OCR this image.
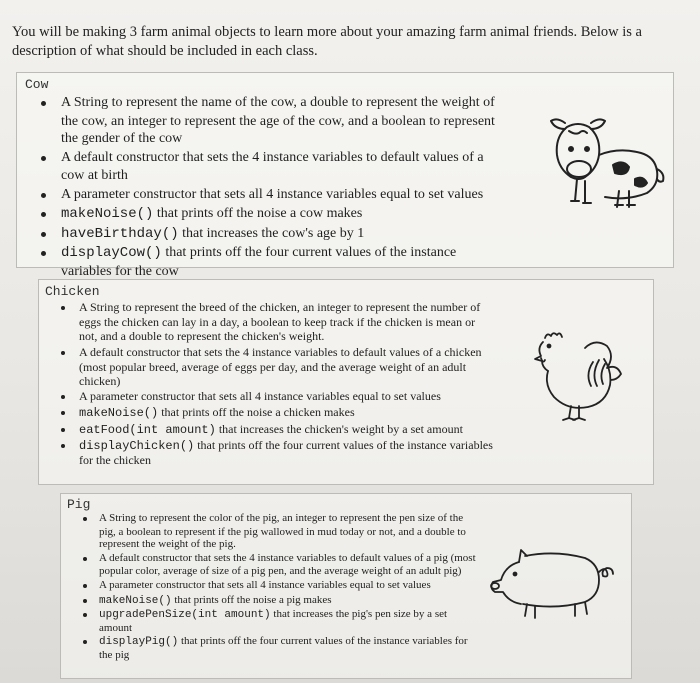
You will be making 3 farm animal objects to learn more about your amazing farm animal friends. Below is a description of what should be included in each class.

Cow

A String to represent the name of the cow, a double to represent the weight of the cow, an integer to represent the age of the cow, and a boolean to represent the gender of the cow
A default constructor that sets the 4 instance variables to default values of a cow at birth
A parameter constructor that sets all 4 instance variables equal to set values
makeNoise() that prints off the noise a cow makes
haveBirthday() that increases the cow's age by 1
displayCow() that prints off the four current values of the instance variables for the cow

Chicken

A String to represent the breed of the chicken, an integer to represent the number of eggs the chicken can lay in a day, a boolean to keep track if the chicken is mean or not, and a double to represent the chicken's weight.
A default constructor that sets the 4 instance variables to default values of a chicken (most popular breed, average of eggs per day, and the average weight of an adult chicken)
A parameter constructor that sets all 4 instance variables equal to set values
makeNoise() that prints off the noise a chicken makes
eatFood(int amount) that increases the chicken's weight by a set amount
displayChicken() that prints off the four current values of the instance variables for the chicken

Pig

A String to represent the color of the pig, an integer to represent the pen size of the pig, a boolean to represent if the pig wallowed in mud today or not, and a double to represent the weight of the pig.
A default constructor that sets the 4 instance variables to default values of a pig (most popular color, average of size of a pig pen, and the average weight of an adult pig)
A parameter constructor that sets all 4 instance variables equal to set values
makeNoise() that prints off the noise a pig makes
upgradePenSize(int amount) that increases the pig's pen size by a set amount
displayPig() that prints off the four current values of the instance variables for the pig
